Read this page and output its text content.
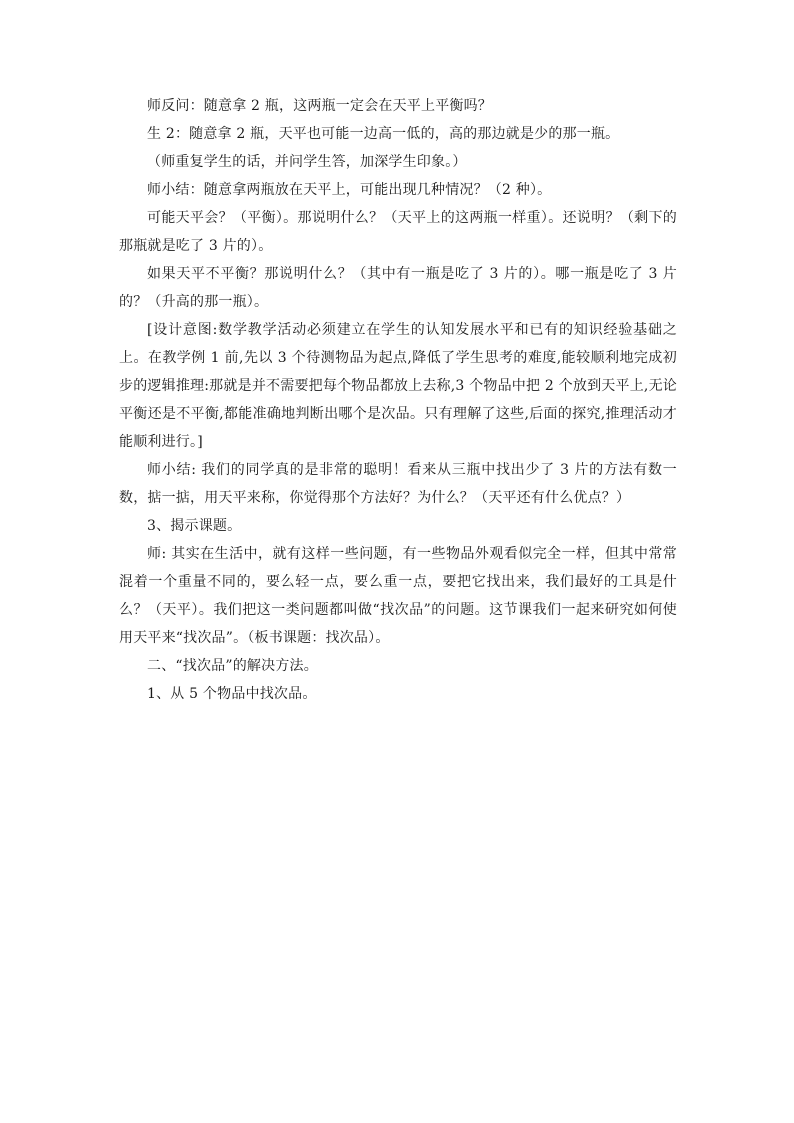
师反问：随意拿 2 瓶，这两瓶一定会在天平上平衡吗？

生 2：随意拿 2 瓶，天平也可能一边高一低的，高的那边就是少的那一瓶。

（师重复学生的话，并问学生答，加深学生印象。）

师小结：随意拿两瓶放在天平上，可能出现几种情况？（2 种）。

可能天平会？（平衡）。那说明什么？（天平上的这两瓶一样重）。还说明？（剩下的那瓶就是吃了 3 片的）。

如果天平不平衡？那说明什么？（其中有一瓶是吃了 3 片的）。哪一瓶是吃了 3 片的？（升高的那一瓶）。

[设计意图:数学教学活动必须建立在学生的认知发展水平和已有的知识经验基础之上。在教学例 1 前,先以 3 个待测物品为起点,降低了学生思考的难度,能较顺利地完成初步的逻辑推理:那就是并不需要把每个物品都放上去称,3 个物品中把 2 个放到天平上,无论平衡还是不平衡,都能准确地判断出哪个是次品。只有理解了这些,后面的探究,推理活动才能顺利进行。]

师小结: 我们的同学真的是非常的聪明！看来从三瓶中找出少了 3 片的方法有数一数，掂一掂，用天平来称，你觉得那个方法好？为什么？（天平还有什么优点？）

3、揭示课题。

师: 其实在生活中，就有这样一些问题，有一些物品外观看似完全一样，但其中常常混着一个重量不同的，要么轻一点，要么重一点，要把它找出来，我们最好的工具是什么？（天平）。我们把这一类问题都叫做“找次品”的问题。这节课我们一起来研究如何使用天平来“找次品”。（板书课题：找次品）。

二、“找次品”的解决方法。

1、从 5 个物品中找次品。
